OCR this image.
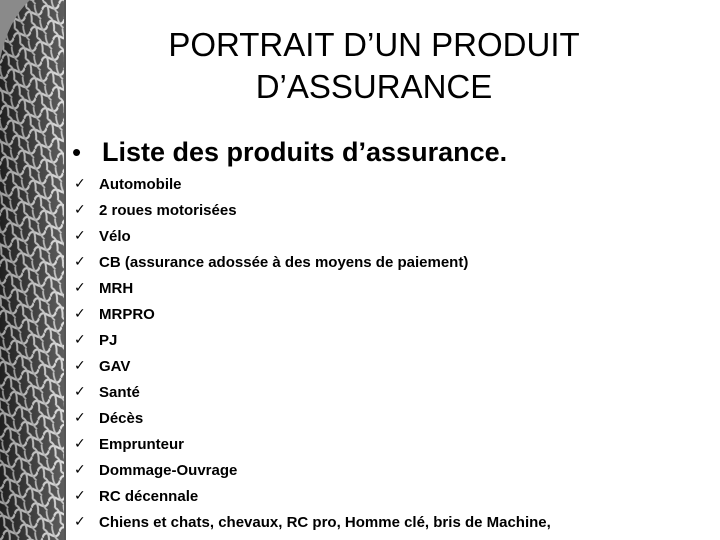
PORTRAIT D’UN PRODUIT
D’ASSURANCE
• Liste des produits d’assurance.
✓ Automobile
✓ 2 roues motorisées
✓ Vélo
✓ CB (assurance adossée à des moyens de paiement)
✓ MRH
✓ MRPRO
✓ PJ
✓ GAV
✓ Santé
✓ Décès
✓ Emprunteur
✓ Dommage-Ouvrage
✓ RC décennale
✓ Chiens et chats, chevaux, RC pro, Homme clé, bris de Machine,
